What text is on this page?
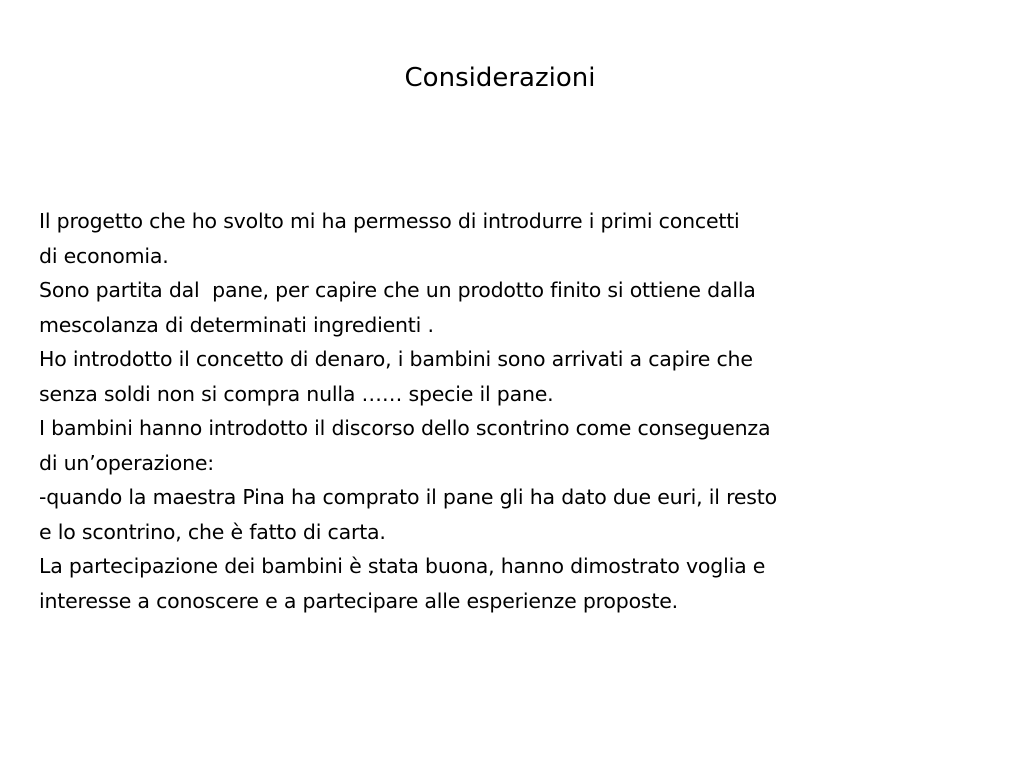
Considerazioni
Il progetto che ho svolto mi ha permesso di introdurre i primi concetti
di economia.
Sono partita dal  pane, per capire che un prodotto finito si ottiene dalla
mescolanza di determinati ingredienti .
Ho introdotto il concetto di denaro, i bambini sono arrivati a capire che
senza soldi non si compra nulla …… specie il pane.
I bambini hanno introdotto il discorso dello scontrino come conseguenza
di un’operazione:
-quando la maestra Pina ha comprato il pane gli ha dato due euri, il resto
e lo scontrino, che è fatto di carta.
La partecipazione dei bambini è stata buona, hanno dimostrato voglia e
interesse a conoscere e a partecipare alle esperienze proposte.
